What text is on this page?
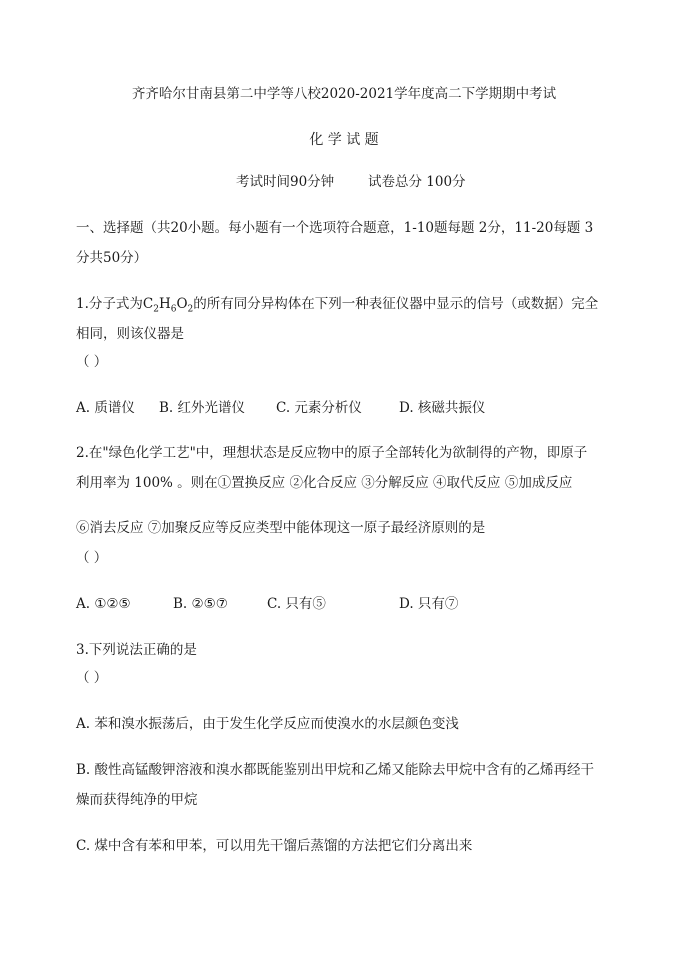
齐齐哈尔甘南县第二中学等八校2020-2021学年度高二下学期期中考试
化 学 试 题
考试时间90分钟	试卷总分 100分
一、选择题（共20小题。每小题有一个选项符合题意，1-10题每题 2分，11-20每题 3
分共50分）
1.分子式为$C_2H_6O_2$的所有同分异构体在下列一种表征仪器中显示的信号（或数据）完全
相同，则该仪器是
（ ）
A. 质谱仪 B. 红外光谱仪 C. 元素分析仪	D. 核磁共振仪
2.在"绿色化学工艺"中，理想状态是反应物中的原子全部转化为欲制得的产物，即原子
利用率为 100% 。则在①置换反应 ②化合反应 ③分解反应 ④取代反应 ⑤加成反应
⑥消去反应 ⑦加聚反应等反应类型中能体现这一原子最经济原则的是
（ ）
A. ①②⑤	B. ②⑤⑦	C. 只有⑤	D. 只有⑦
3.下列说法正确的是
（ ）
A. 苯和溴水振荡后，由于发生化学反应而使溴水的水层颜色变浅
B. 酸性高锰酸钾溶液和溴水都既能鉴别出甲烷和乙烯又能除去甲烷中含有的乙烯再经干
燥而获得纯净的甲烷
C. 煤中含有苯和甲苯，可以用先干馏后蒸馏的方法把它们分离出来
